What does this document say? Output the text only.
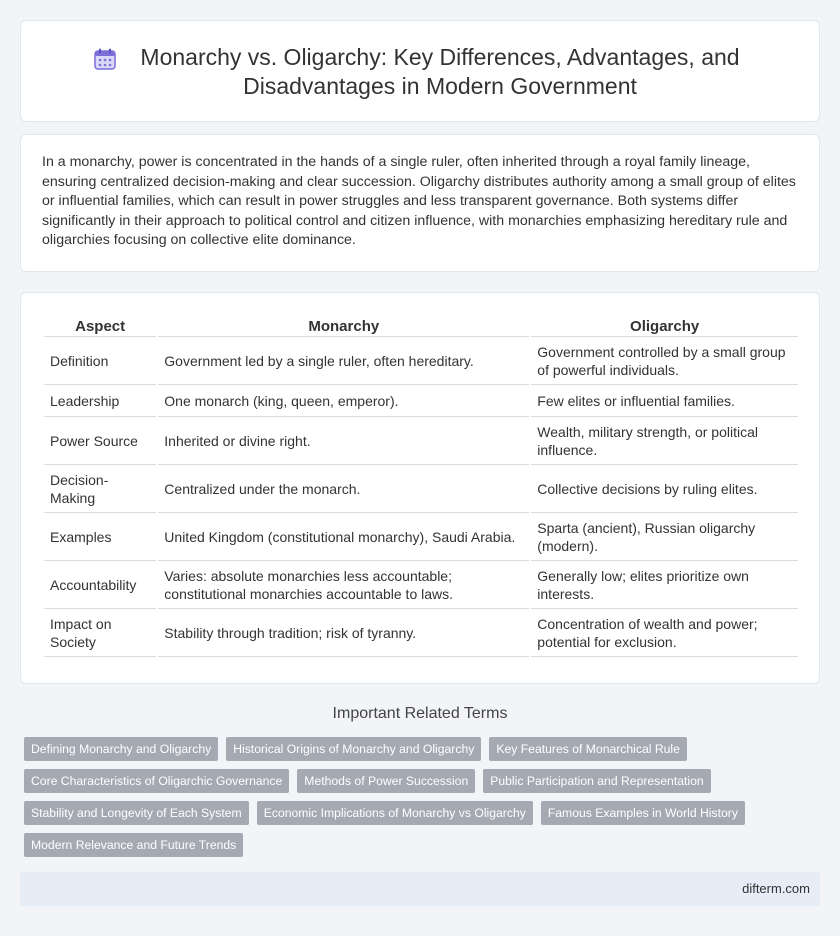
Monarchy vs. Oligarchy: Key Differences, Advantages, and Disadvantages in Modern Government

In a monarchy, power is concentrated in the hands of a single ruler, often inherited through a royal family lineage, ensuring centralized decision-making and clear succession. Oligarchy distributes authority among a small group of elites or influential families, which can result in power struggles and less transparent governance. Both systems differ significantly in their approach to political control and citizen influence, with monarchies emphasizing hereditary rule and oligarchies focusing on collective elite dominance.

Aspect	Monarchy	Oligarchy
Definition	Government led by a single ruler, often hereditary.	Government controlled by a small group of powerful individuals.
Leadership	One monarch (king, queen, emperor).	Few elites or influential families.
Power Source	Inherited or divine right.	Wealth, military strength, or political influence.
Decision-Making	Centralized under the monarch.	Collective decisions by ruling elites.
Examples	United Kingdom (constitutional monarchy), Saudi Arabia.	Sparta (ancient), Russian oligarchy (modern).
Accountability	Varies: absolute monarchies less accountable; constitutional monarchies accountable to laws.	Generally low; elites prioritize own interests.
Impact on Society	Stability through tradition; risk of tyranny.	Concentration of wealth and power; potential for exclusion.
Important Related Terms
Defining Monarchy and Oligarchy	Historical Origins of Monarchy and Oligarchy	Key Features of Monarchical Rule
Core Characteristics of Oligarchic Governance	Methods of Power Succession	Public Participation and Representation
Stability and Longevity of Each System	Economic Implications of Monarchy vs Oligarchy	Famous Examples in World History
Modern Relevance and Future Trends
difterm.com
